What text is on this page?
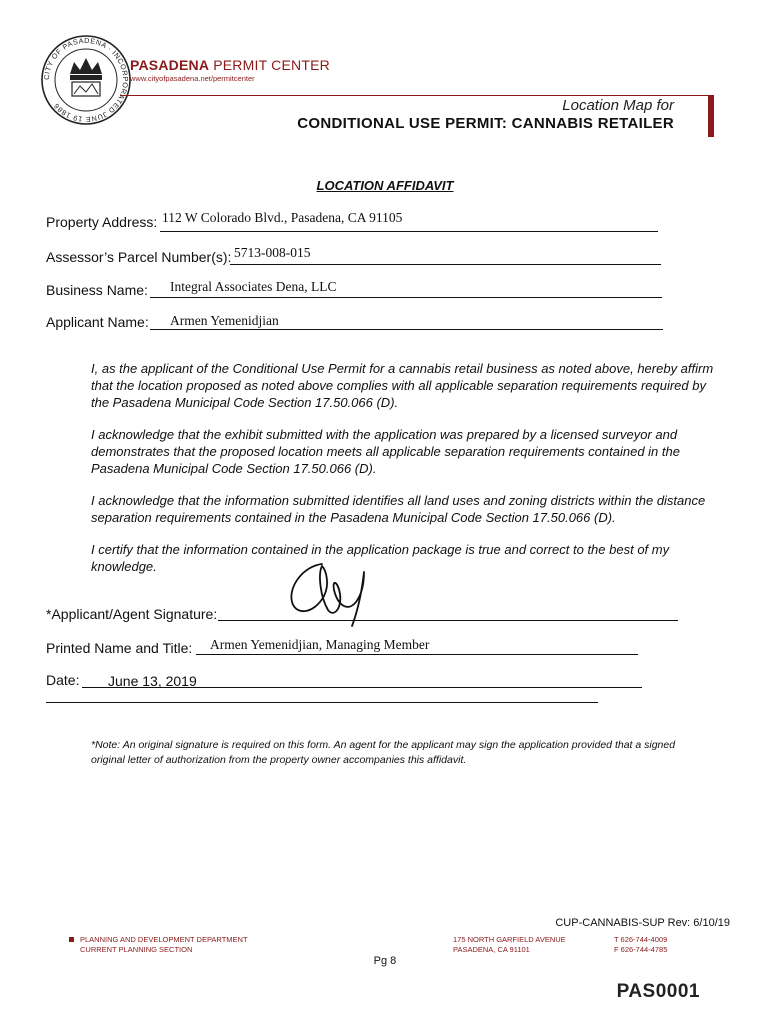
CITY OF PASADENA · INCORPORATED JUNE 19 1886
PASADENA PERMIT CENTER
www.cityofpasadena.net/permitcenter
Location Map for
CONDITIONAL USE PERMIT: CANNABIS RETAILER
LOCATION AFFIDAVIT
Property Address: 112 W Colorado Blvd., Pasadena, CA 91105
Assessor’s Parcel Number(s): 5713-008-015
Business Name: Integral Associates Dena, LLC
Applicant Name: Armen Yemenidjian
I, as the applicant of the Conditional Use Permit for a cannabis retail business as noted above, hereby affirm that the location proposed as noted above complies with all applicable separation requirements required by the Pasadena Municipal Code Section 17.50.066 (D).
I acknowledge that the exhibit submitted with the application was prepared by a licensed surveyor and demonstrates that the proposed location meets all applicable separation requirements contained in the Pasadena Municipal Code Section 17.50.066 (D).
I acknowledge that the information submitted identifies all land uses and zoning districts within the distance separation requirements contained in the Pasadena Municipal Code Section 17.50.066 (D).
I certify that the information contained in the application package is true and correct to the best of my knowledge.
*Applicant/Agent Signature:
Printed Name and Title: Armen Yemenidjian, Managing Member
Date: June 13, 2019
*Note: An original signature is required on this form. An agent for the applicant may sign the application provided that a signed original letter of authorization from the property owner accompanies this affidavit.
CUP-CANNABIS-SUP Rev: 6/10/19
PLANNING AND DEVELOPMENT DEPARTMENT
CURRENT PLANNING SECTION
175 NORTH GARFIELD AVENUE
PASADENA, CA 91101
T 626-744-4009
F 626-744-4785
Pg 8
PAS0001
